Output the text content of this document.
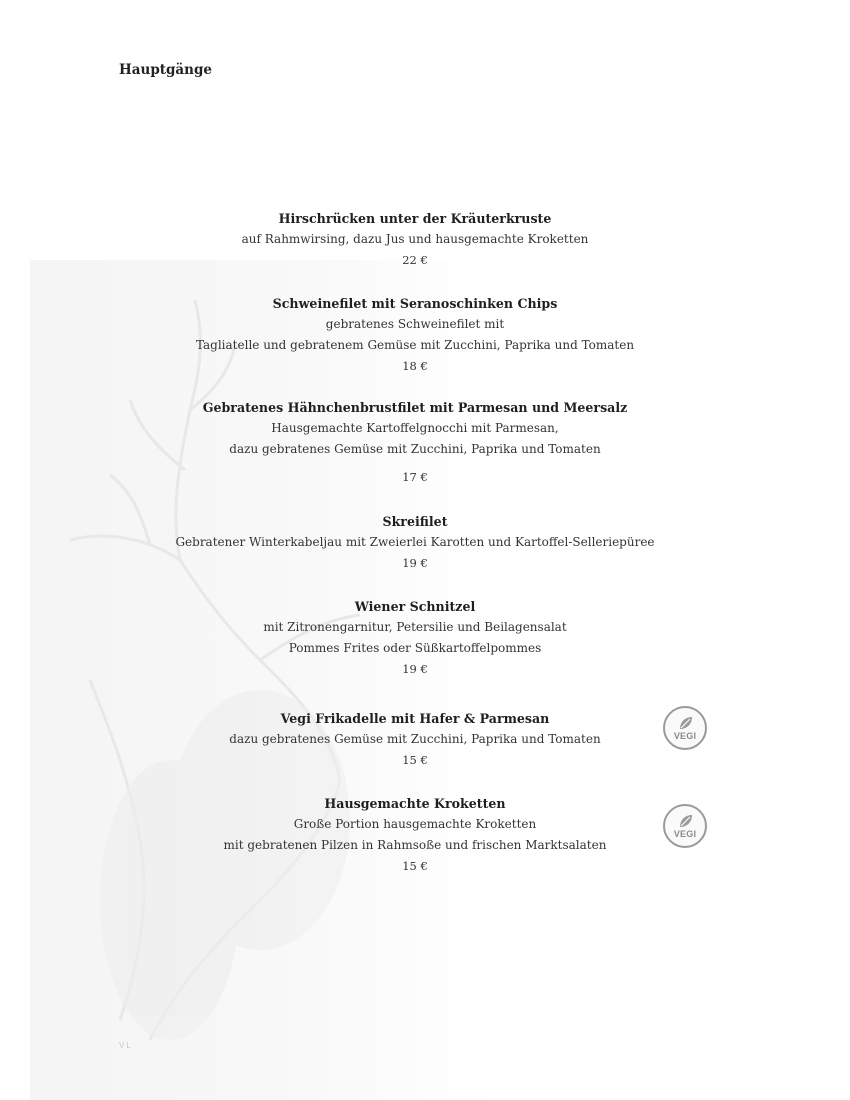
Hauptgänge
Hirschrücken unter der Kräuterkruste
auf Rahmwirsing, dazu Jus und hausgemachte Kroketten
22 €
Schweinefilet mit Seranoschinken Chips
gebratenes Schweinefilet mit
Tagliatelle und gebratenem Gemüse mit Zucchini, Paprika und Tomaten
18 €
Gebratenes Hähnchenbrustfilet mit Parmesan und Meersalz
Hausgemachte Kartoffelgnocchi mit Parmesan,
dazu gebratenes Gemüse mit Zucchini, Paprika und Tomaten
17 €
Skreifilet
Gebratener Winterkabeljau mit Zweierlei Karotten und Kartoffel-Selleriepüree
19 €
Wiener Schnitzel
mit Zitronengarnitur, Petersilie und Beilagensalat
Pommes Frites oder Süßkartoffelpommes
19 €
Vegi Frikadelle mit Hafer & Parmesan
dazu gebratenes Gemüse mit Zucchini, Paprika und Tomaten
15 €
Hausgemachte Kroketten
Große Portion hausgemachte Kroketten
mit gebratenen Pilzen in Rahmsoße und frischen Marktsalaten
15 €
VEGI
VEGI
VL
